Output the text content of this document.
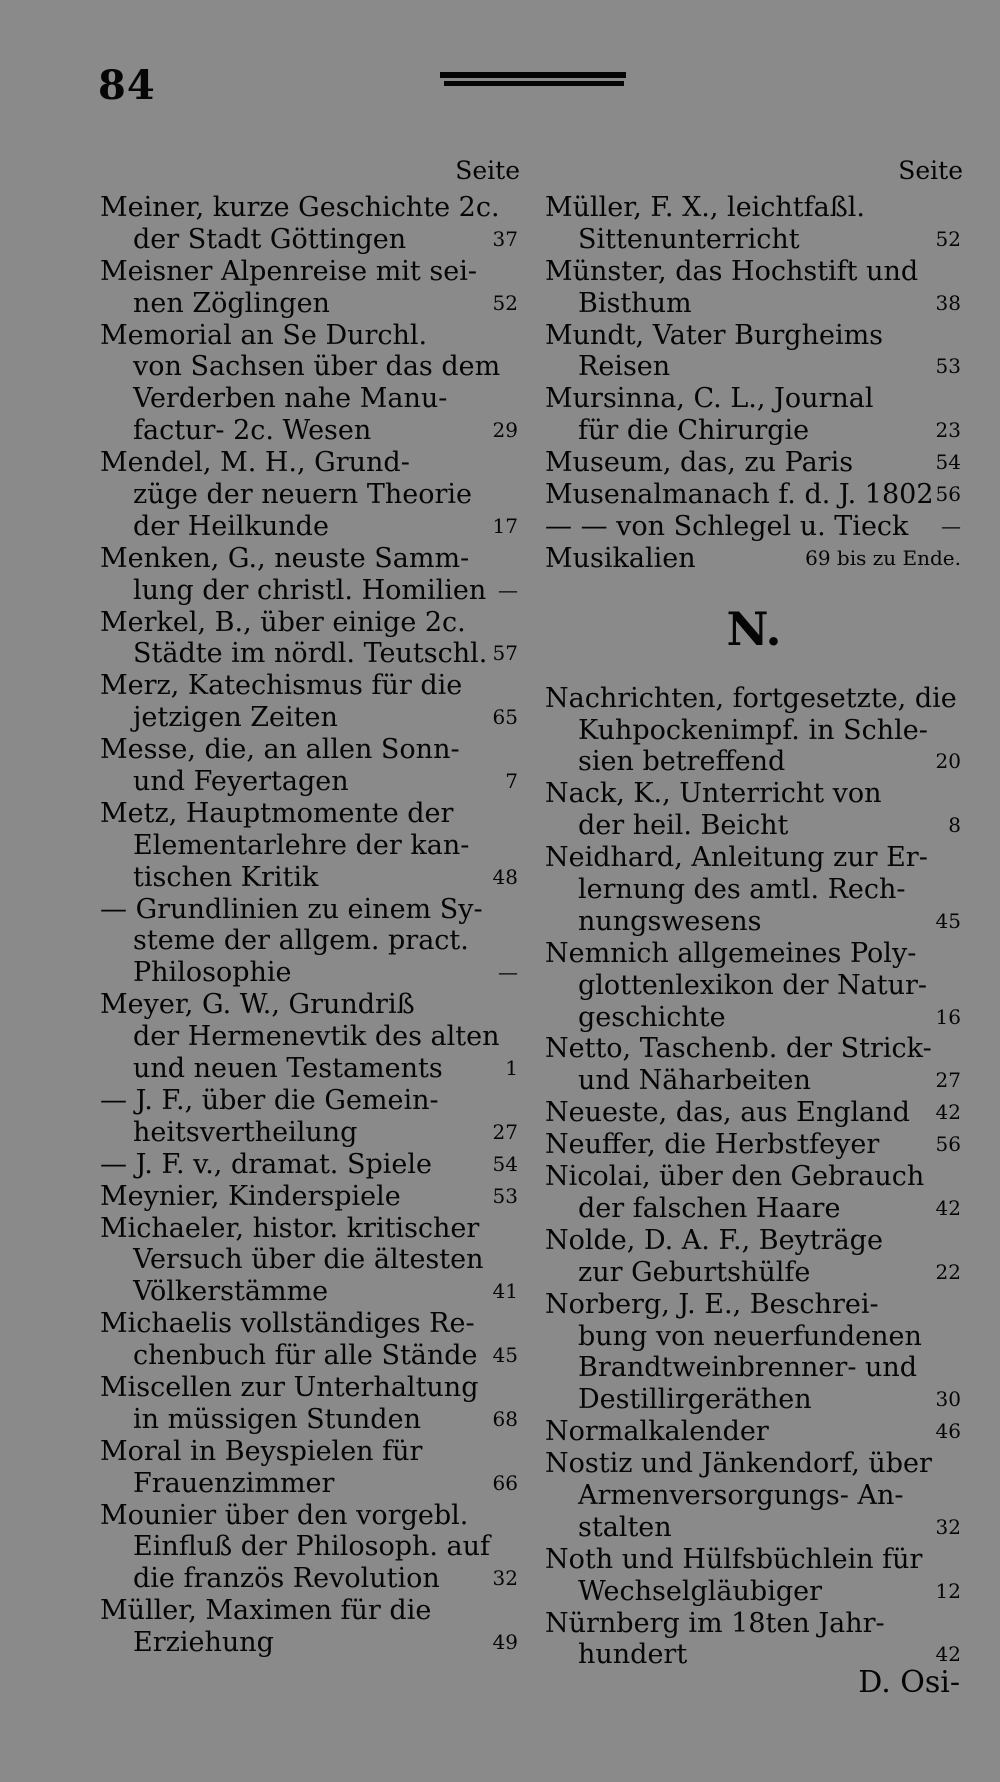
84
Seite
Meiner, kurze Geschichte 2c.
der Stadt Göttingen	37
Meisner Alpenreise mit sei-
nen Zöglingen	52
Memorial an Se Durchl.
von Sachsen über das dem
Verderben nahe Manu-
factur- 2c. Wesen	29
Mendel, M. H., Grund-
züge der neuern Theorie
der Heilkunde	17
Menken, G., neuste Samm-
lung der christl. Homilien —
Merkel, B., über einige 2c.
Städte im nördl. Teutschl. 57
Merz, Katechismus für die
jetzigen Zeiten	65
Messe, die, an allen Sonn-
und Feyertagen	7
Metz, Hauptmomente der
Elementarlehre der kan-
tischen Kritik	48
— Grundlinien zu einem Sy-
steme der allgem. pract.
Philosophie	—
Meyer, G. W., Grundriß
der Hermenevtik des alten
und neuen Testaments	1
— J. F., über die Gemein-
heitsvertheilung	27
— J. F. v., dramat. Spiele	54
Meynier, Kinderspiele	53
Michaeler, histor. kritischer
Versuch über die ältesten
Völkerstämme	41
Michaelis vollständiges Re-
chenbuch für alle Stände 45
Miscellen zur Unterhaltung
in müssigen Stunden	68
Moral in Beyspielen für
Frauenzimmer	66
Mounier über den vorgebl.
Einfluß der Philosoph. auf
die französ Revolution	32
Müller, Maximen für die
Erziehung	49
Seite
Müller, F. X., leichtfaßl.
Sittenunterricht	52
Münster, das Hochstift und
Bisthum	38
Mundt, Vater Burgheims
Reisen	53
Mursinna, C. L., Journal
für die Chirurgie	23
Museum, das, zu Paris	54
Musenalmanach f. d. J. 1802 56
— — von Schlegel u. Tieck —
Musikalien	69 bis zu Ende.
N.
Nachrichten, fortgesetzte, die
Kuhpockenimpf. in Schle-
sien betreffend	20
Nack, K., Unterricht von
der heil. Beicht	8
Neidhard, Anleitung zur Er-
lernung des amtl. Rech-
nungswesens	45
Nemnich allgemeines Poly-
glottenlexikon der Natur-
geschichte	16
Netto, Taschenb. der Strick-
und Näharbeiten	27
Neueste, das, aus England 42
Neuffer, die Herbstfeyer	56
Nicolai, über den Gebrauch
der falschen Haare	42
Nolde, D. A. F., Beyträge
zur Geburtshülfe	22
Norberg, J. E., Beschrei-
bung von neuerfundenen
Brandtweinbrenner- und
Destillirgeräthen	30
Normalkalender	46
Nostiz und Jänkendorf, über
Armenversorgungs- An-
stalten	32
Noth und Hülfsbüchlein für
Wechselgläubiger	12
Nürnberg im 18ten Jahr-
hundert	42
D. Osi-
